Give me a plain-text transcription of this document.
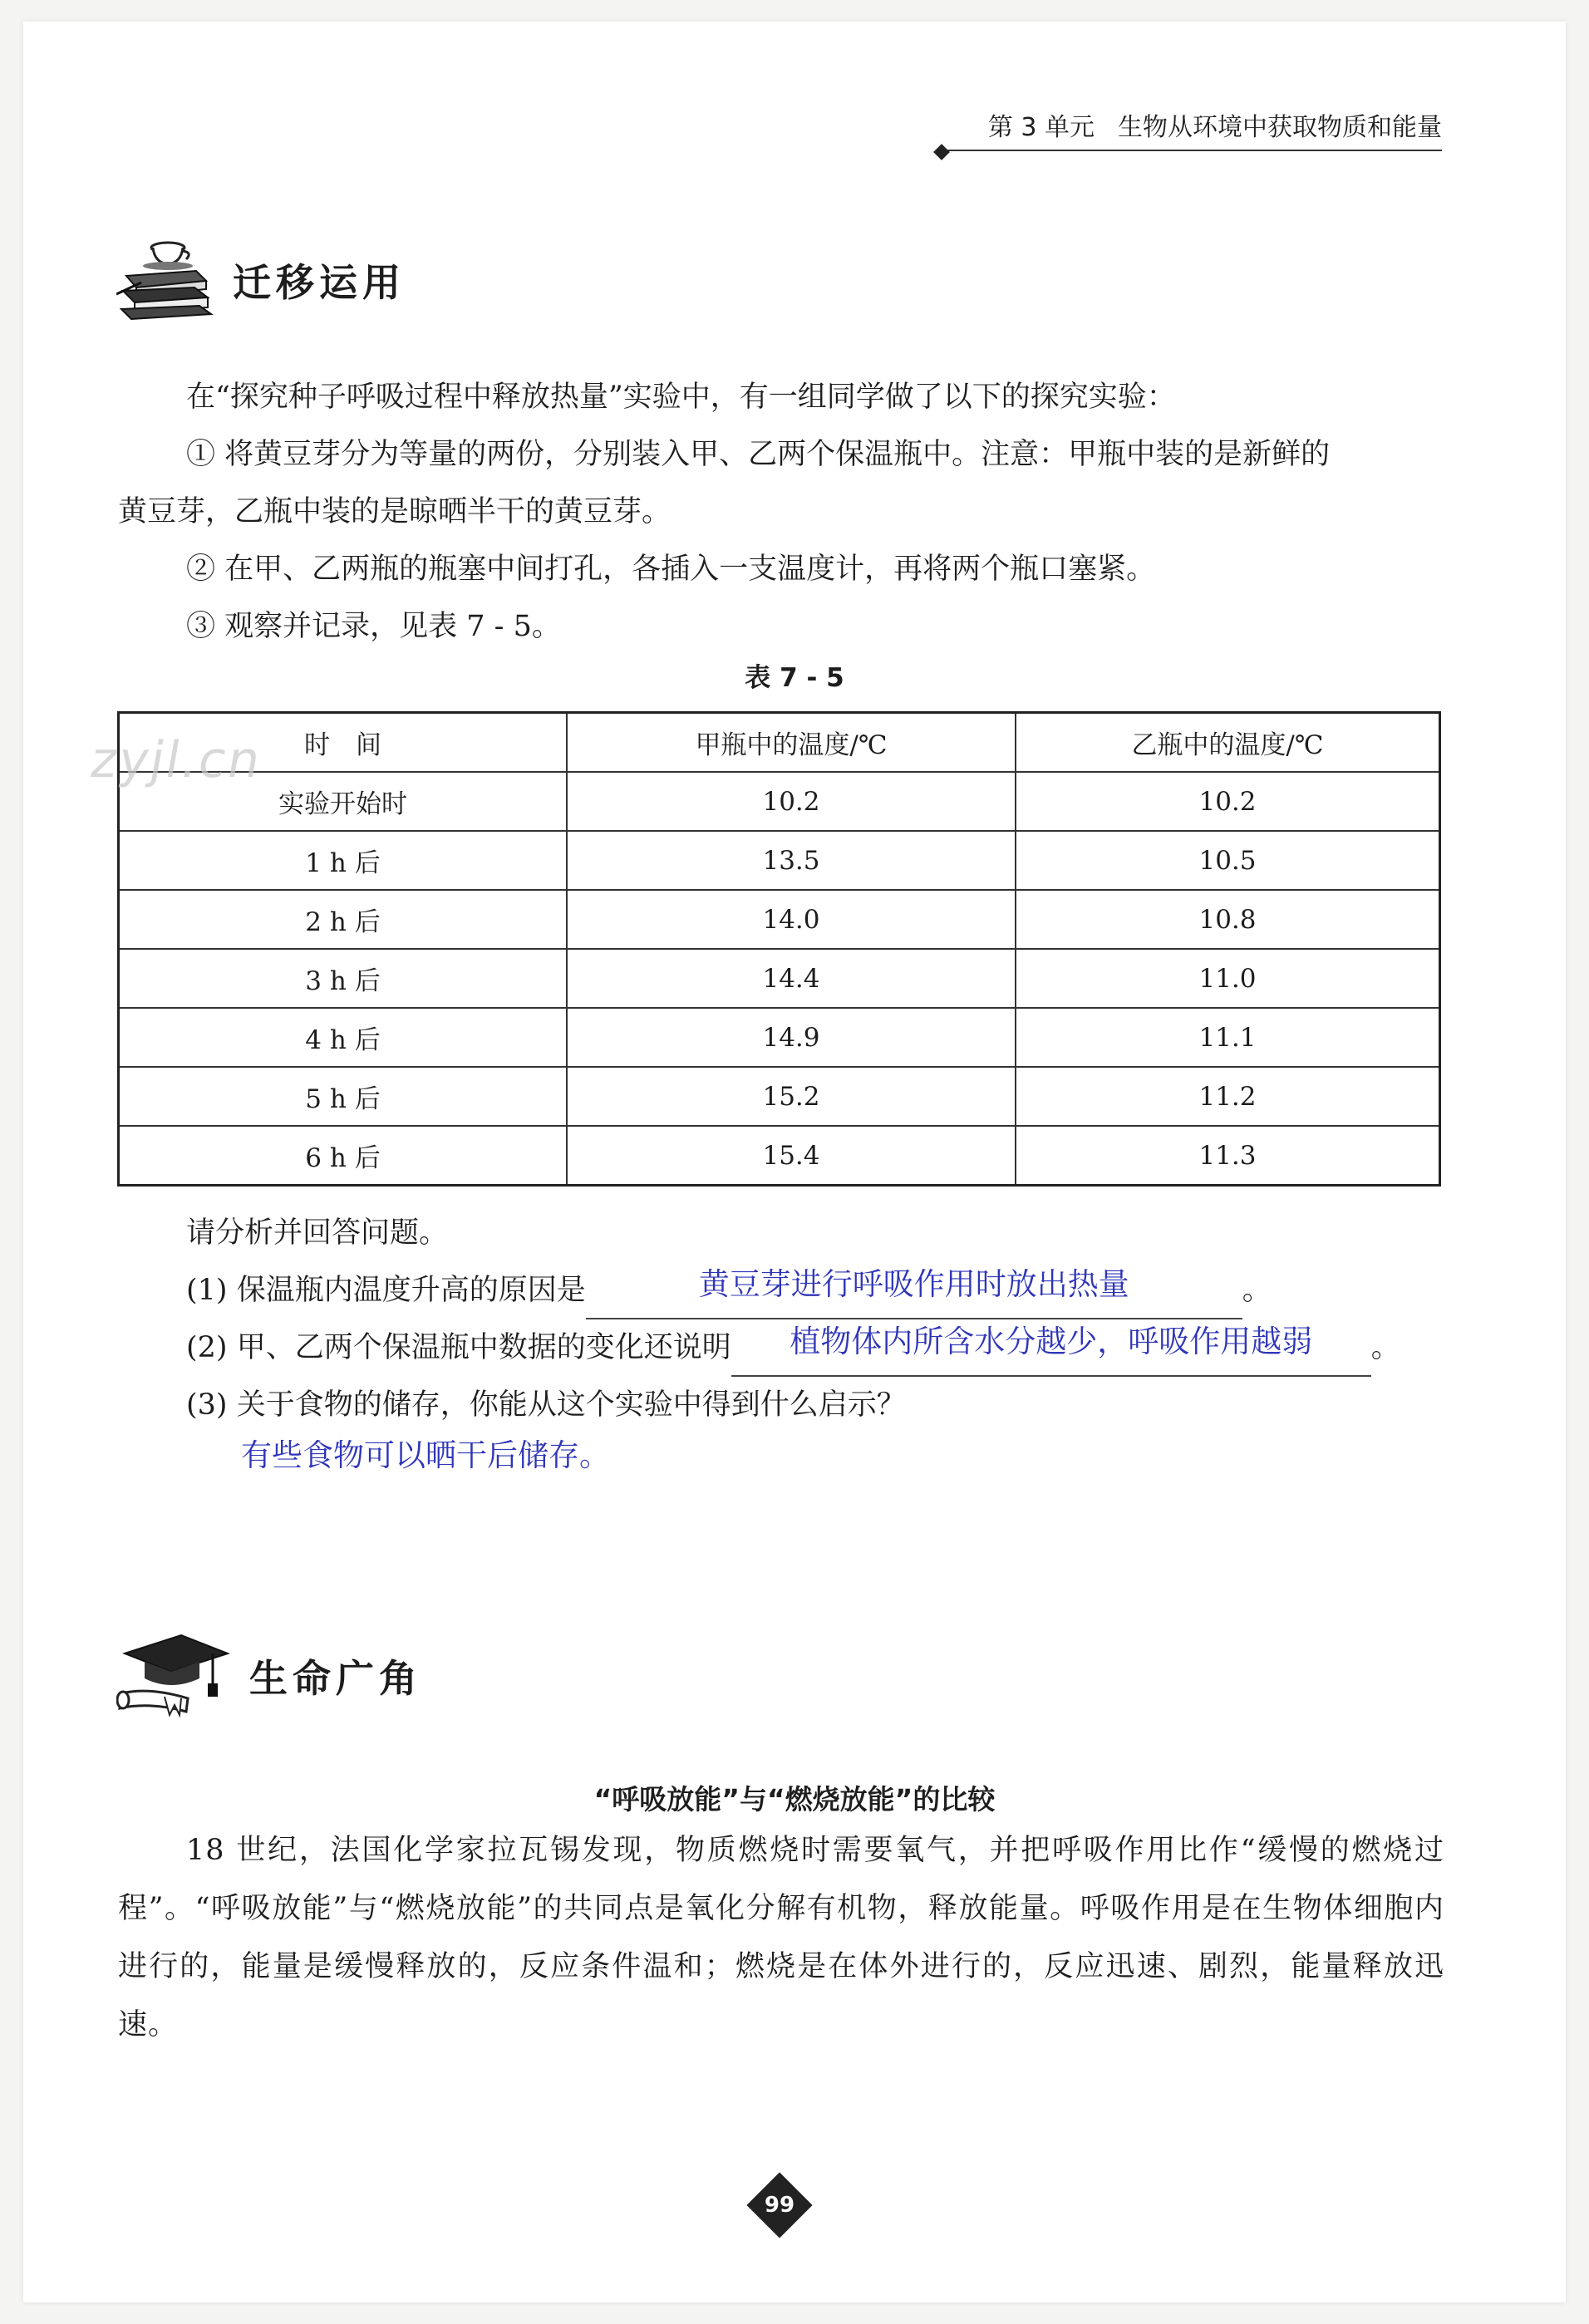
第 3 单元 生物从环境中获取物质和能量
迁移运用
在“探究种子呼吸过程中释放热量”实验中，有一组同学做了以下的探究实验：
① 将黄豆芽分为等量的两份，分别装入甲、乙两个保温瓶中。注意：甲瓶中装的是新鲜的
黄豆芽，乙瓶中装的是晾晒半干的黄豆芽。
② 在甲、乙两瓶的瓶塞中间打孔，各插入一支温度计，再将两个瓶口塞紧。
③ 观察并记录，见表 7 - 5。
表 7 - 5
时　间	甲瓶中的温度/℃	乙瓶中的温度/℃
实验开始时	10.2	10.2
1 h 后	13.5	10.5
2 h 后	14.0	10.8
3 h 后	14.4	11.0
4 h 后	14.9	11.1
5 h 后	15.2	11.2
6 h 后	15.4	11.3
zyjl.cn
请分析并回答问题。
(1) 保温瓶内温度升高的原因是	黄豆芽进行呼吸作用时放出热量	。
(2) 甲、乙两个保温瓶中数据的变化还说明	植物体内所含水分越少，呼吸作用越弱	。
(3) 关于食物的储存，你能从这个实验中得到什么启示？
有些食物可以晒干后储存。
生命广角
“呼吸放能”与“燃烧放能”的比较
18 世纪，法国化学家拉瓦锡发现，物质燃烧时需要氧气，并把呼吸作用比作“缓慢的燃烧过程”。“呼吸放能”与“燃烧放能”的共同点是氧化分解有机物，释放能量。呼吸作用是在生物体细胞内进行的，能量是缓慢释放的，反应条件温和；燃烧是在体外进行的，反应迅速、剧烈，能量释放迅速。
99
